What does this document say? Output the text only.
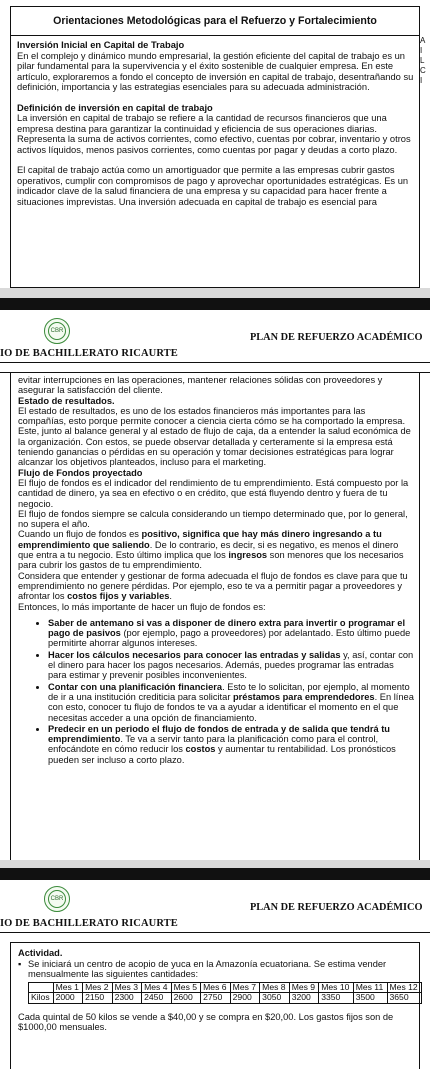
Orientaciones Metodológicas para el Refuerzo y Fortalecimiento

Inversión Inicial en Capital de Trabajo

En el complejo y dinámico mundo empresarial, la gestión eficiente del capital de trabajo es un pilar fundamental para la supervivencia y el éxito sostenible de cualquier empresa. En este artículo, exploraremos a fondo el concepto de inversión en capital de trabajo, desentrañando su definición, importancia y las estrategias esenciales para su adecuada administración.

Definición de inversión en capital de trabajo

La inversión en capital de trabajo se refiere a la cantidad de recursos financieros que una empresa destina para garantizar la continuidad y eficiencia de sus operaciones diarias. Representa la suma de activos corrientes, como efectivo, cuentas por cobrar, inventario y otros activos líquidos, menos pasivos corrientes, como cuentas por pagar y deudas a corto plazo.

El capital de trabajo actúa como un amortiguador que permite a las empresas cubrir gastos operativos, cumplir con compromisos de pago y aprovechar oportunidades estratégicas. Es un indicador clave de la salud financiera de una empresa y su capacidad para hacer frente a situaciones imprevistas. Una inversión adecuada en capital de trabajo es esencial para

A
I
L
C
I
CBR
PLAN DE REFUERZO ACADÉMICO
IO DE BACHILLERATO RICAURTE

evitar interrupciones en las operaciones, mantener relaciones sólidas con proveedores y asegurar la satisfacción del cliente.

Estado de resultados.

El estado de resultados, es uno de los estados financieros más importantes para las compañías, esto porque permite conocer a ciencia cierta cómo se ha comportado la empresa.

Este, junto al balance general y al estado de flujo de caja, da a entender la salud económica de la organización. Con estos, se puede observar detallada y certeramente si la empresa está teniendo ganancias o pérdidas en su operación y tomar decisiones estratégicas para lograr alcanzar los objetivos planteados, incluso para el marketing.

Flujo de Fondos proyectado

El flujo de fondos es el indicador del rendimiento de tu emprendimiento. Está compuesto por la cantidad de dinero, ya sea en efectivo o en crédito, que está fluyendo dentro y fuera de tu negocio.

El flujo de fondos siempre se calcula considerando un tiempo determinado que, por lo general, no supera el año.

Cuando un flujo de fondos es positivo, significa que hay más dinero ingresando a tu emprendimiento que saliendo. De lo contrario, es decir, si es negativo, es menos el dinero que entra a tu negocio. Esto último implica que los ingresos son menores que los necesarios para cubrir los gastos de tu emprendimiento.

Considera que entender y gestionar de forma adecuada el flujo de fondos es clave para que tu emprendimiento no genere pérdidas. Por ejemplo, eso te va a permitir pagar a proveedores y afrontar los costos fijos y variables.

Entonces, lo más importante de hacer un flujo de fondos es:

• Saber de antemano si vas a disponer de dinero extra para invertir o programar el pago de pasivos (por ejemplo, pago a proveedores) por adelantado. Esto último puede permitirte ahorrar algunos intereses.
• Hacer los cálculos necesarios para conocer las entradas y salidas y, así, contar con el dinero para hacer los pagos necesarios. Además, puedes programar las entradas para estimar y prevenir posibles inconvenientes.
• Contar con una planificación financiera. Esto te lo solicitan, por ejemplo, al momento de ir a una institución crediticia para solicitar préstamos para emprendedores. En línea con esto, conocer tu flujo de fondos te va a ayudar a identificar el momento en el que necesitas acceder a una opción de financiamiento.
• Predecir en un periodo el flujo de fondos de entrada y de salida que tendrá tu emprendimiento. Te va a servir tanto para la planificación como para el control, enfocándote en cómo reducir los costos y aumentar tu rentabilidad. Los pronósticos pueden ser incluso a corto plazo.
CBR
PLAN DE REFUERZO ACADÉMICO
IO DE BACHILLERATO RICAURTE

Actividad.

▪ Se iniciará un centro de acopio de yuca en la Amazonía ecuatoriana. Se estima vender mensualmente las siguientes cantidades:
	Mes 1	Mes 2	Mes 3	Mes 4	Mes 5	Mes 6	Mes 7	Mes 8	Mes 9	Mes 10	Mes 11	Mes 12
Kilos	2000	2150	2300	2450	2600	2750	2900	3050	3200	3350	3500	3650

Cada quintal de 50 kilos se vende a $40,00 y se compra en $20,00. Los gastos fijos son de $1000,00 mensuales.
